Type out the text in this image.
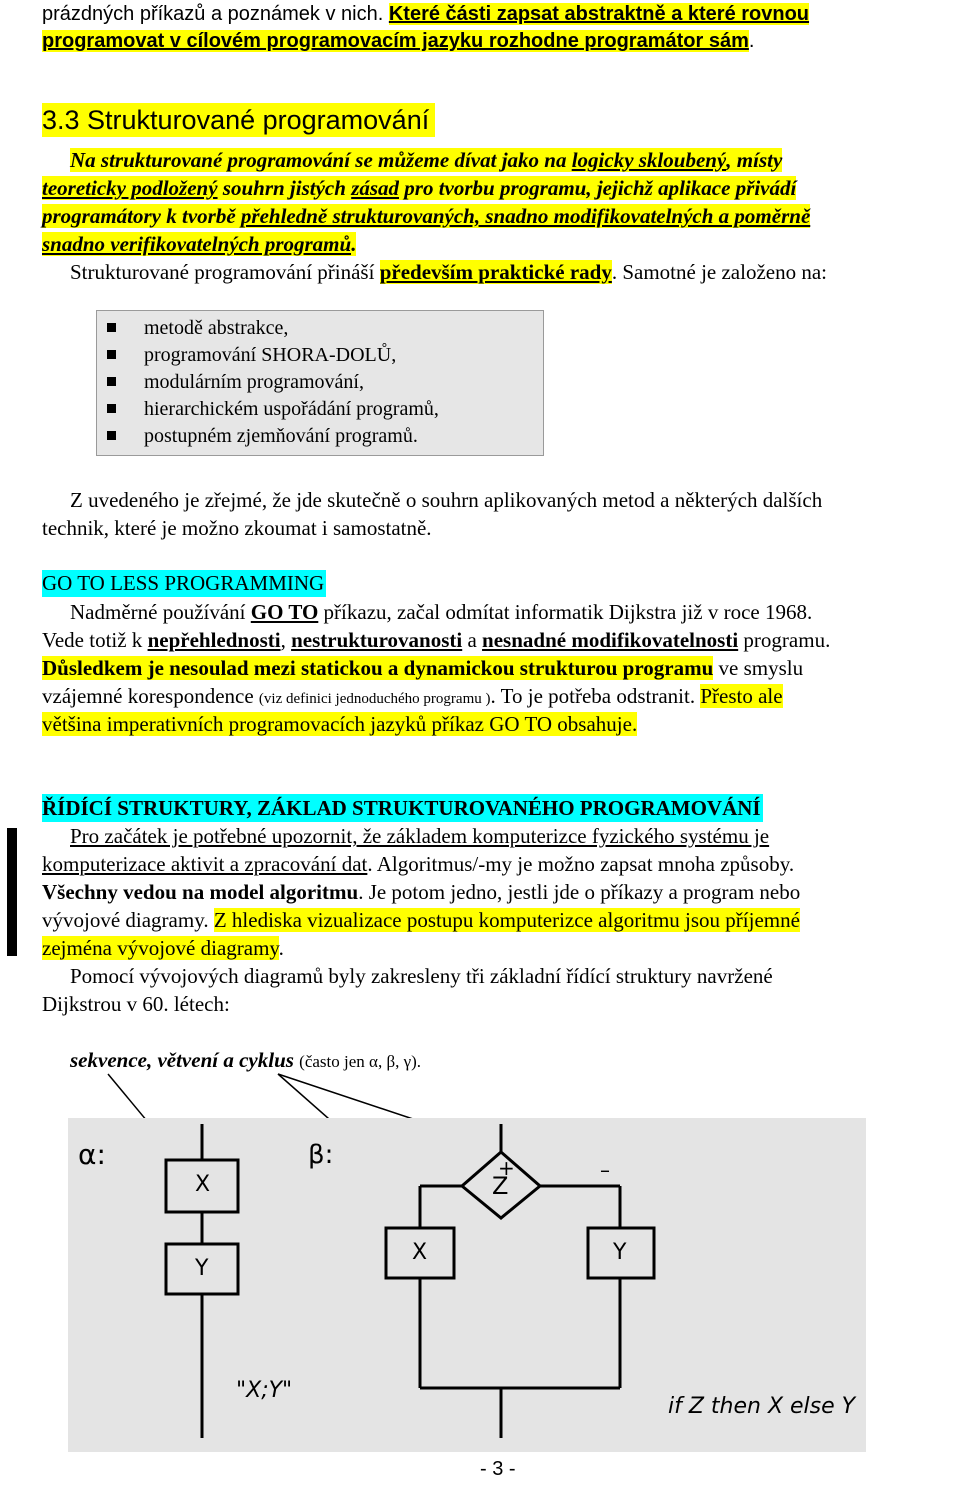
prázdných příkazů a poznámek v nich. Které části zapsat abstraktně a které rovnou
programovat v cílovém programovacím jazyku rozhodne programátor sám.
3.3 Strukturované programování
Na strukturované programování se můžeme dívat jako na logicky skloubený, místy
teoreticky podložený souhrn jistých zásad pro tvorbu programu, jejichž aplikace přivádí
programátory k tvorbě přehledně strukturovaných, snadno modifikovatelných a poměrně
snadno verifikovatelných programů.
Strukturované programování přináší především praktické rady. Samotné je založeno na:
metodě abstrakce,
programování SHORA-DOLŮ,
modulárním programování,
hierarchickém uspořádání programů,
postupném zjemňování programů.
Z uvedeného je zřejmé, že jde skutečně o souhrn aplikovaných metod a některých dalších
technik, které je možno zkoumat i samostatně.
GO TO LESS PROGRAMMING
Nadměrné používání GO TO příkazu, začal odmítat informatik Dijkstra již v roce 1968.
Vede totiž k nepřehlednosti, nestrukturovanosti a nesnadné modifikovatelnosti programu.
Důsledkem je nesoulad mezi statickou a dynamickou strukturou programu ve smyslu
vzájemné korespondence (viz definici jednoduchého programu ). To je potřeba odstranit. Přesto ale
většina imperativních programovacích jazyků příkaz GO TO obsahuje.
ŘÍDÍCÍ STRUKTURY, ZÁKLAD STRUKTUROVANÉHO PROGRAMOVÁNÍ
Pro začátek je potřebné upozornit, že základem komputerizce fyzického systému je
komputerizace aktivit a zpracování dat. Algoritmus/-my je možno zapsat mnoha způsoby.
Všechny vedou na model algoritmu. Je potom jedno, jestli jde o příkazy a program nebo
vývojové diagramy. Z hlediska vizualizace postupu komputerizce algoritmu jsou příjemné
zejména vývojové diagramy.
Pomocí vývojových diagramů byly zakresleny tři základní řídící struktury navržené
Dijkstrou v 60. létech:
sekvence, větvení a cyklus (často jen α, β, γ).
α:	β:
X
Y
Z
+	–
X	Y
"X;Y"
if Z then X else Y
- 3 -
